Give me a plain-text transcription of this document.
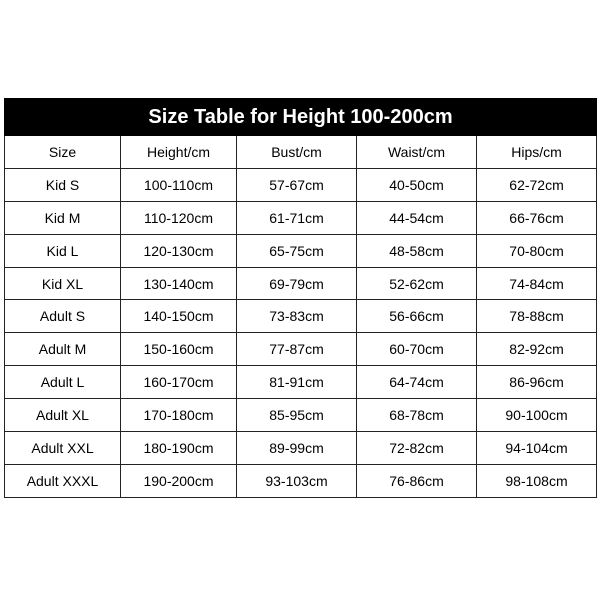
Size Table for Height 100-200cm				
Size	Height/cm	Bust/cm	Waist/cm	Hips/cm
Kid S	100-110cm	57-67cm	40-50cm	62-72cm
Kid M	110-120cm	61-71cm	44-54cm	66-76cm
Kid L	120-130cm	65-75cm	48-58cm	70-80cm
Kid XL	130-140cm	69-79cm	52-62cm	74-84cm
Adult S	140-150cm	73-83cm	56-66cm	78-88cm
Adult M	150-160cm	77-87cm	60-70cm	82-92cm
Adult L	160-170cm	81-91cm	64-74cm	86-96cm
Adult XL	170-180cm	85-95cm	68-78cm	90-100cm
Adult XXL	180-190cm	89-99cm	72-82cm	94-104cm
Adult XXXL	190-200cm	93-103cm	76-86cm	98-108cm
